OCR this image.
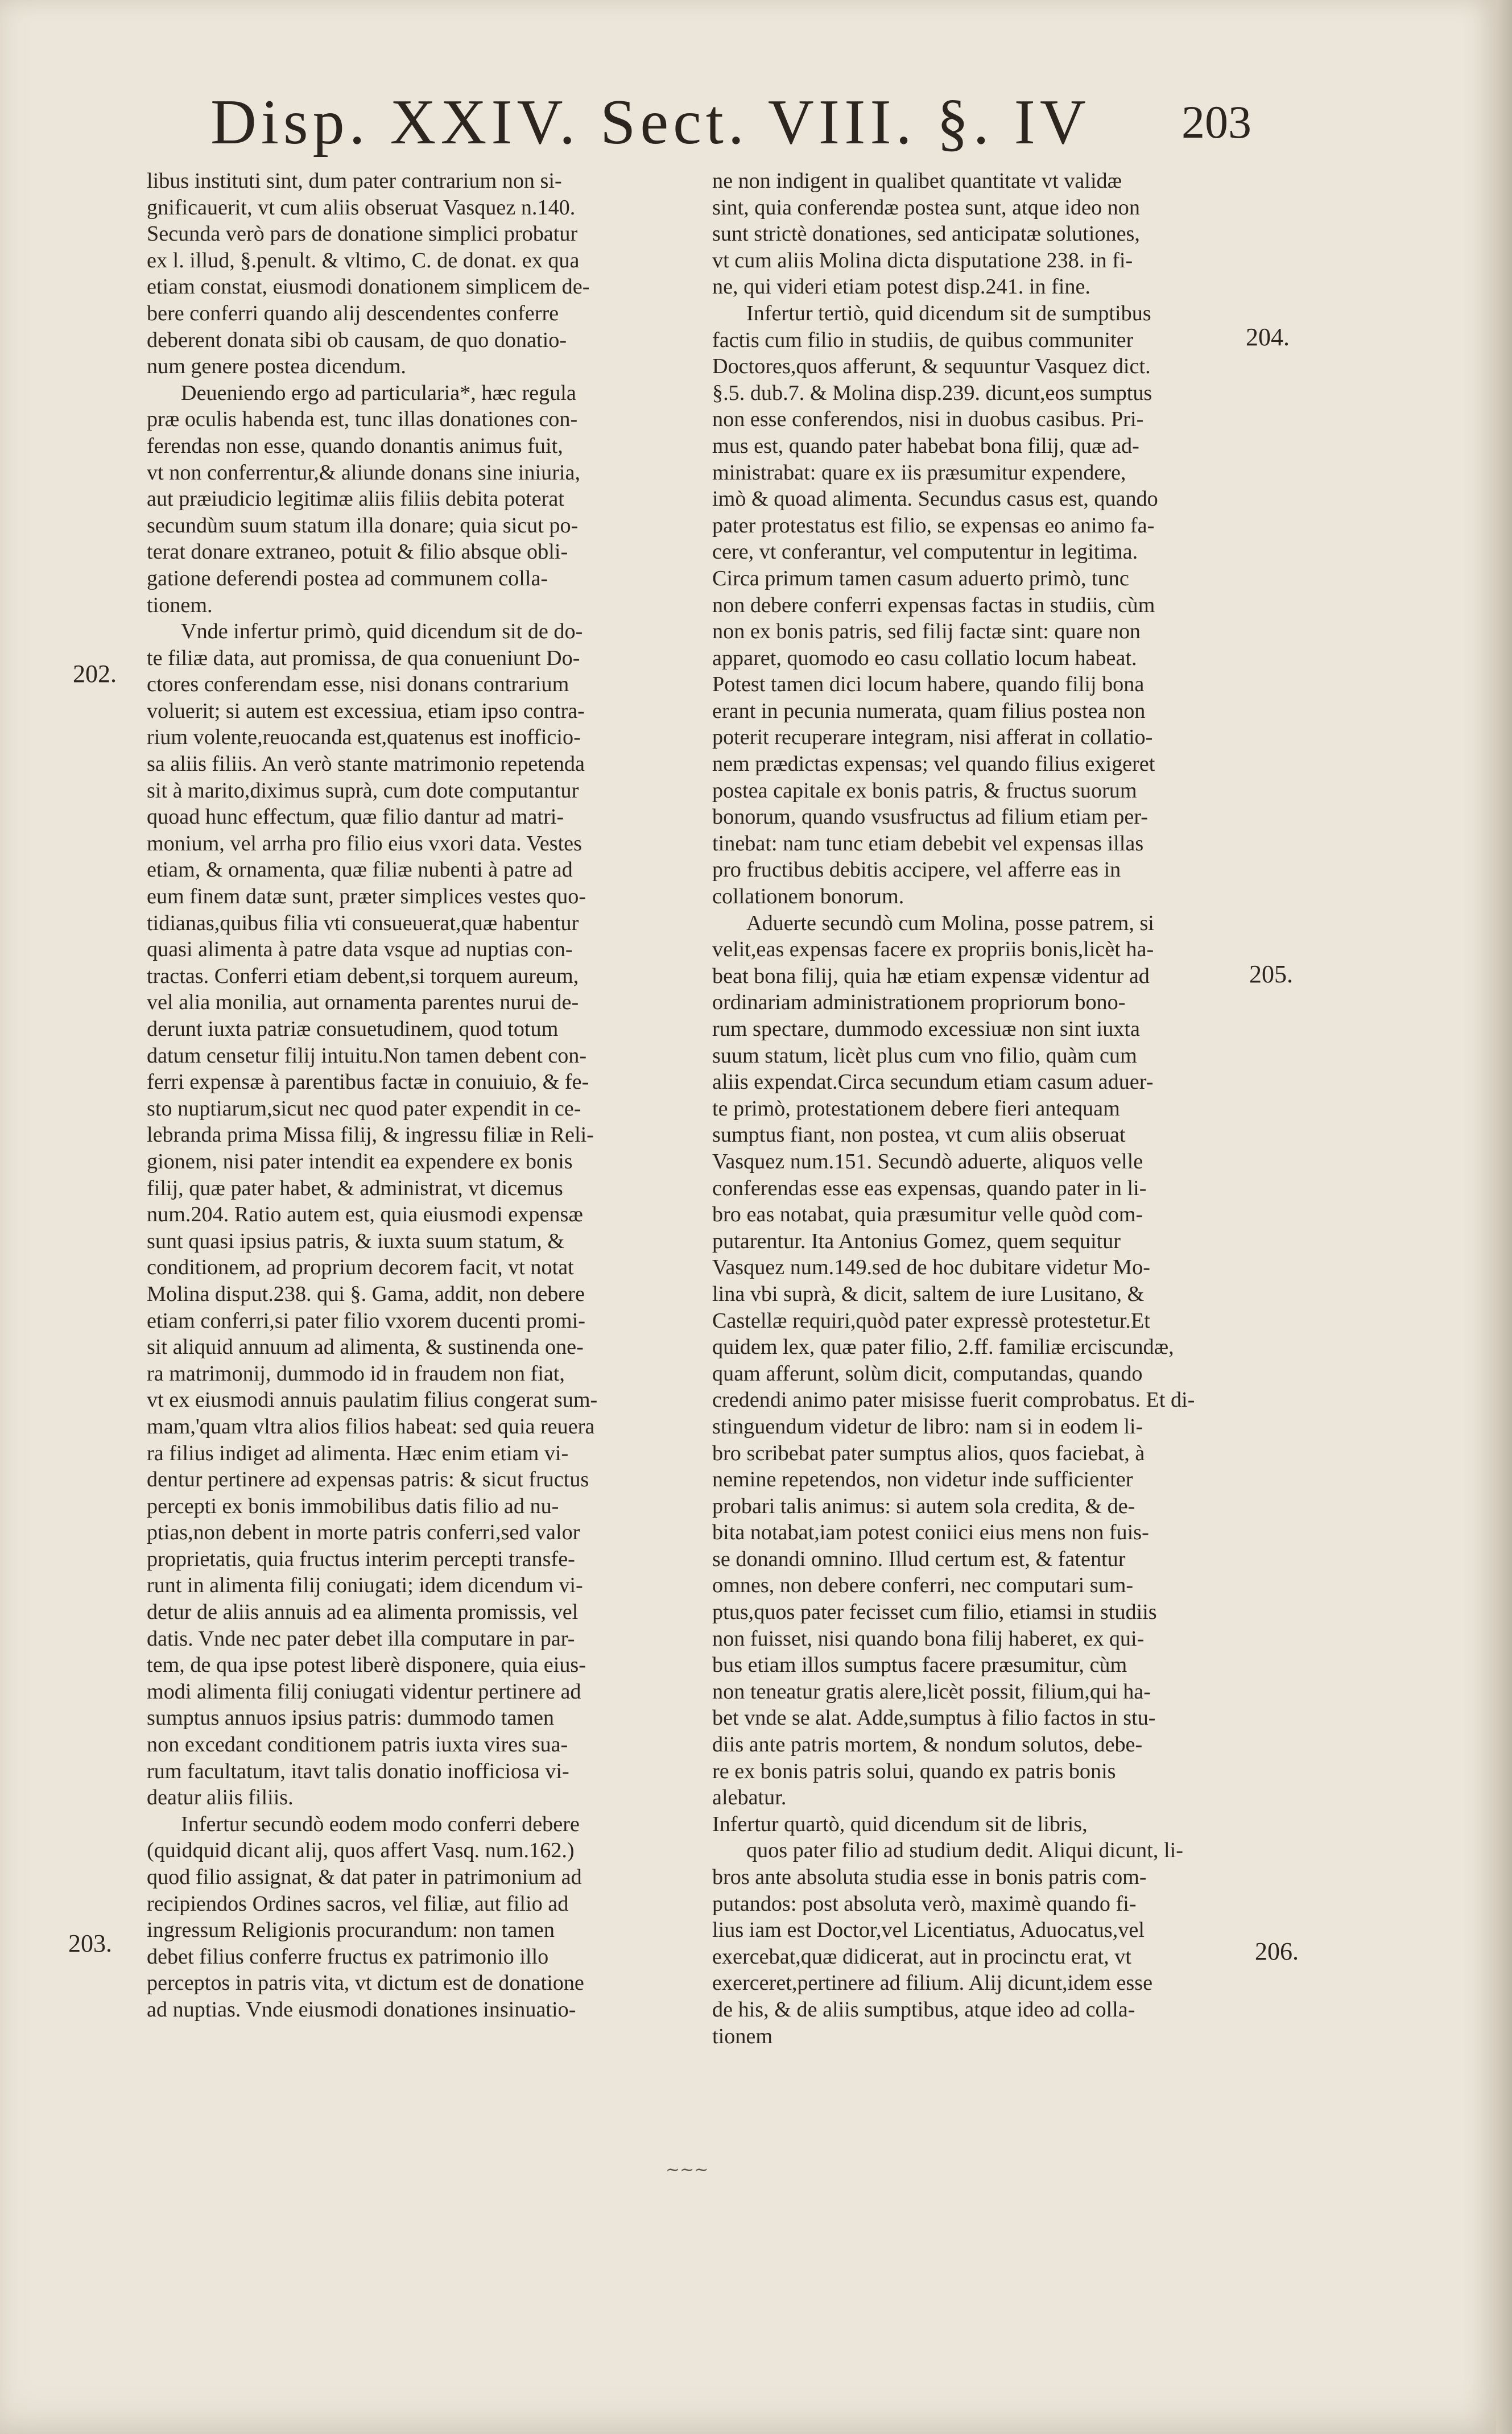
Disp. XXIV. Sect. VIII. §. IV 203
libus instituti sint, dum pater contrarium non si-
gnificauerit, vt cum aliis obseruat Vasquez n.140.
Secunda verò pars de donatione simplici probatur
ex l. illud, §.penult. & vltimo, C. de donat. ex qua
etiam constat, eiusmodi donationem simplicem de-
bere conferri quando alij descendentes conferre
deberent donata sibi ob causam, de quo donatio-
num genere postea dicendum.
Deueniendo ergo ad particularia*, hæc regula
præ oculis habenda est, tunc illas donationes con-
ferendas non esse, quando donantis animus fuit,
vt non conferrentur,& aliunde donans sine iniuria,
aut præiudicio legitimæ aliis filiis debita poterat
secundùm suum statum illa donare; quia sicut po-
terat donare extraneo, potuit & filio absque obli-
gatione deferendi postea ad communem colla-
tionem.
Vnde infertur primò, quid dicendum sit de do-
te filiæ data, aut promissa, de qua conueniunt Do-
ctores conferendam esse, nisi donans contrarium
voluerit; si autem est excessiua, etiam ipso contra-
rium volente,reuocanda est,quatenus est inofficio-
sa aliis filiis. An verò stante matrimonio repetenda
sit à marito,diximus suprà, cum dote computantur
quoad hunc effectum, quæ filio dantur ad matri-
monium, vel arrha pro filio eius vxori data. Vestes
etiam, & ornamenta, quæ filiæ nubenti à patre ad
eum finem datæ sunt, præter simplices vestes quo-
tidianas,quibus filia vti consueuerat,quæ habentur
quasi alimenta à patre data vsque ad nuptias con-
tractas. Conferri etiam debent,si torquem aureum,
vel alia monilia, aut ornamenta parentes nurui de-
derunt iuxta patriæ consuetudinem, quod totum
datum censetur filij intuitu.Non tamen debent con-
ferri expensæ à parentibus factæ in conuiuio, & fe-
sto nuptiarum,sicut nec quod pater expendit in ce-
lebranda prima Missa filij, & ingressu filiæ in Reli-
gionem, nisi pater intendit ea expendere ex bonis
filij, quæ pater habet, & administrat, vt dicemus
num.204. Ratio autem est, quia eiusmodi expensæ
sunt quasi ipsius patris, & iuxta suum statum, &
conditionem, ad proprium decorem facit, vt notat
Molina disput.238. qui §. Gama, addit, non debere
etiam conferri,si pater filio vxorem ducenti promi-
sit aliquid annuum ad alimenta, & sustinenda one-
ra matrimonij, dummodo id in fraudem non fiat,
vt ex eiusmodi annuis paulatim filius congerat sum-
mam,'quam vltra alios filios habeat: sed quia reuera
ra filius indiget ad alimenta. Hæc enim etiam vi-
dentur pertinere ad expensas patris: & sicut fructus
percepti ex bonis immobilibus datis filio ad nu-
ptias,non debent in morte patris conferri,sed valor
proprietatis, quia fructus interim percepti transfe-
runt in alimenta filij coniugati; idem dicendum vi-
detur de aliis annuis ad ea alimenta promissis, vel
datis. Vnde nec pater debet illa computare in par-
tem, de qua ipse potest liberè disponere, quia eius-
modi alimenta filij coniugati videntur pertinere ad
sumptus annuos ipsius patris: dummodo tamen
non excedant conditionem patris iuxta vires sua-
rum facultatum, itavt talis donatio inofficiosa vi-
deatur aliis filiis.
Infertur secundò eodem modo conferri debere
(quidquid dicant alij, quos affert Vasq. num.162.)
quod filio assignat, & dat pater in patrimonium ad
recipiendos Ordines sacros, vel filiæ, aut filio ad
ingressum Religionis procurandum: non tamen
debet filius conferre fructus ex patrimonio illo
perceptos in patris vita, vt dictum est de donatione
ad nuptias. Vnde eiusmodi donationes insinuatio-
ne non indigent in qualibet quantitate vt validæ
sint, quia conferendæ postea sunt, atque ideo non
sunt strictè donationes, sed anticipatæ solutiones,
vt cum aliis Molina dicta disputatione 238. in fi-
ne, qui videri etiam potest disp.241. in fine.
Infertur tertiò, quid dicendum sit de sumptibus
factis cum filio in studiis, de quibus communiter
Doctores,quos afferunt, & sequuntur Vasquez dict.
§.5. dub.7. & Molina disp.239. dicunt,eos sumptus
non esse conferendos, nisi in duobus casibus. Pri-
mus est, quando pater habebat bona filij, quæ ad-
ministrabat: quare ex iis præsumitur expendere,
imò & quoad alimenta. Secundus casus est, quando
pater protestatus est filio, se expensas eo animo fa-
cere, vt conferantur, vel computentur in legitima.
Circa primum tamen casum aduerto primò, tunc
non debere conferri expensas factas in studiis, cùm
non ex bonis patris, sed filij factæ sint: quare non
apparet, quomodo eo casu collatio locum habeat.
Potest tamen dici locum habere, quando filij bona
erant in pecunia numerata, quam filius postea non
poterit recuperare integram, nisi afferat in collatio-
nem prædictas expensas; vel quando filius exigeret
postea capitale ex bonis patris, & fructus suorum
bonorum, quando vsusfructus ad filium etiam per-
tinebat: nam tunc etiam debebit vel expensas illas
pro fructibus debitis accipere, vel afferre eas in
collationem bonorum.
Aduerte secundò cum Molina, posse patrem, si
velit,eas expensas facere ex propriis bonis,licèt ha-
beat bona filij, quia hæ etiam expensæ videntur ad
ordinariam administrationem propriorum bono-
rum spectare, dummodo excessiuæ non sint iuxta
suum statum, licèt plus cum vno filio, quàm cum
aliis expendat.Circa secundum etiam casum aduer-
te primò, protestationem debere fieri antequam
sumptus fiant, non postea, vt cum aliis obseruat
Vasquez num.151. Secundò aduerte, aliquos velle
conferendas esse eas expensas, quando pater in li-
bro eas notabat, quia præsumitur velle quòd com-
putarentur. Ita Antonius Gomez, quem sequitur
Vasquez num.149.sed de hoc dubitare videtur Mo-
lina vbi suprà, & dicit, saltem de iure Lusitano, &
Castellæ requiri,quòd pater expressè protestetur.Et
quidem lex, quæ pater filio, 2.ff. familiæ erciscundæ,
quam afferunt, solùm dicit, computandas, quando
credendi animo pater misisse fuerit comprobatus. Et di-
stinguendum videtur de libro: nam si in eodem li-
bro scribebat pater sumptus alios, quos faciebat, à
nemine repetendos, non videtur inde sufficienter
probari talis animus: si autem sola credita, & de-
bita notabat,iam potest coniici eius mens non fuis-
se donandi omnino. Illud certum est, & fatentur
omnes, non debere conferri, nec computari sum-
ptus,quos pater fecisset cum filio, etiamsi in studiis
non fuisset, nisi quando bona filij haberet, ex qui-
bus etiam illos sumptus facere præsumitur, cùm
non teneatur gratis alere,licèt possit, filium,qui ha-
bet vnde se alat. Adde,sumptus à filio factos in stu-
diis ante patris mortem, & nondum solutos, debe-
re ex bonis patris solui, quando ex patris bonis
alebatur.
Infertur quartò, quid dicendum sit de libris,
quos pater filio ad studium dedit. Aliqui dicunt, li-
bros ante absoluta studia esse in bonis patris com-
putandos: post absoluta verò, maximè quando fi-
lius iam est Doctor,vel Licentiatus, Aduocatus,vel
exercebat,quæ didicerat, aut in procinctu erat, vt
exerceret,pertinere ad filium. Alij dicunt,idem esse
de his, & de aliis sumptibus, atque ideo ad colla-
tionem
202.
203.
204.
205.
206.
~~~
